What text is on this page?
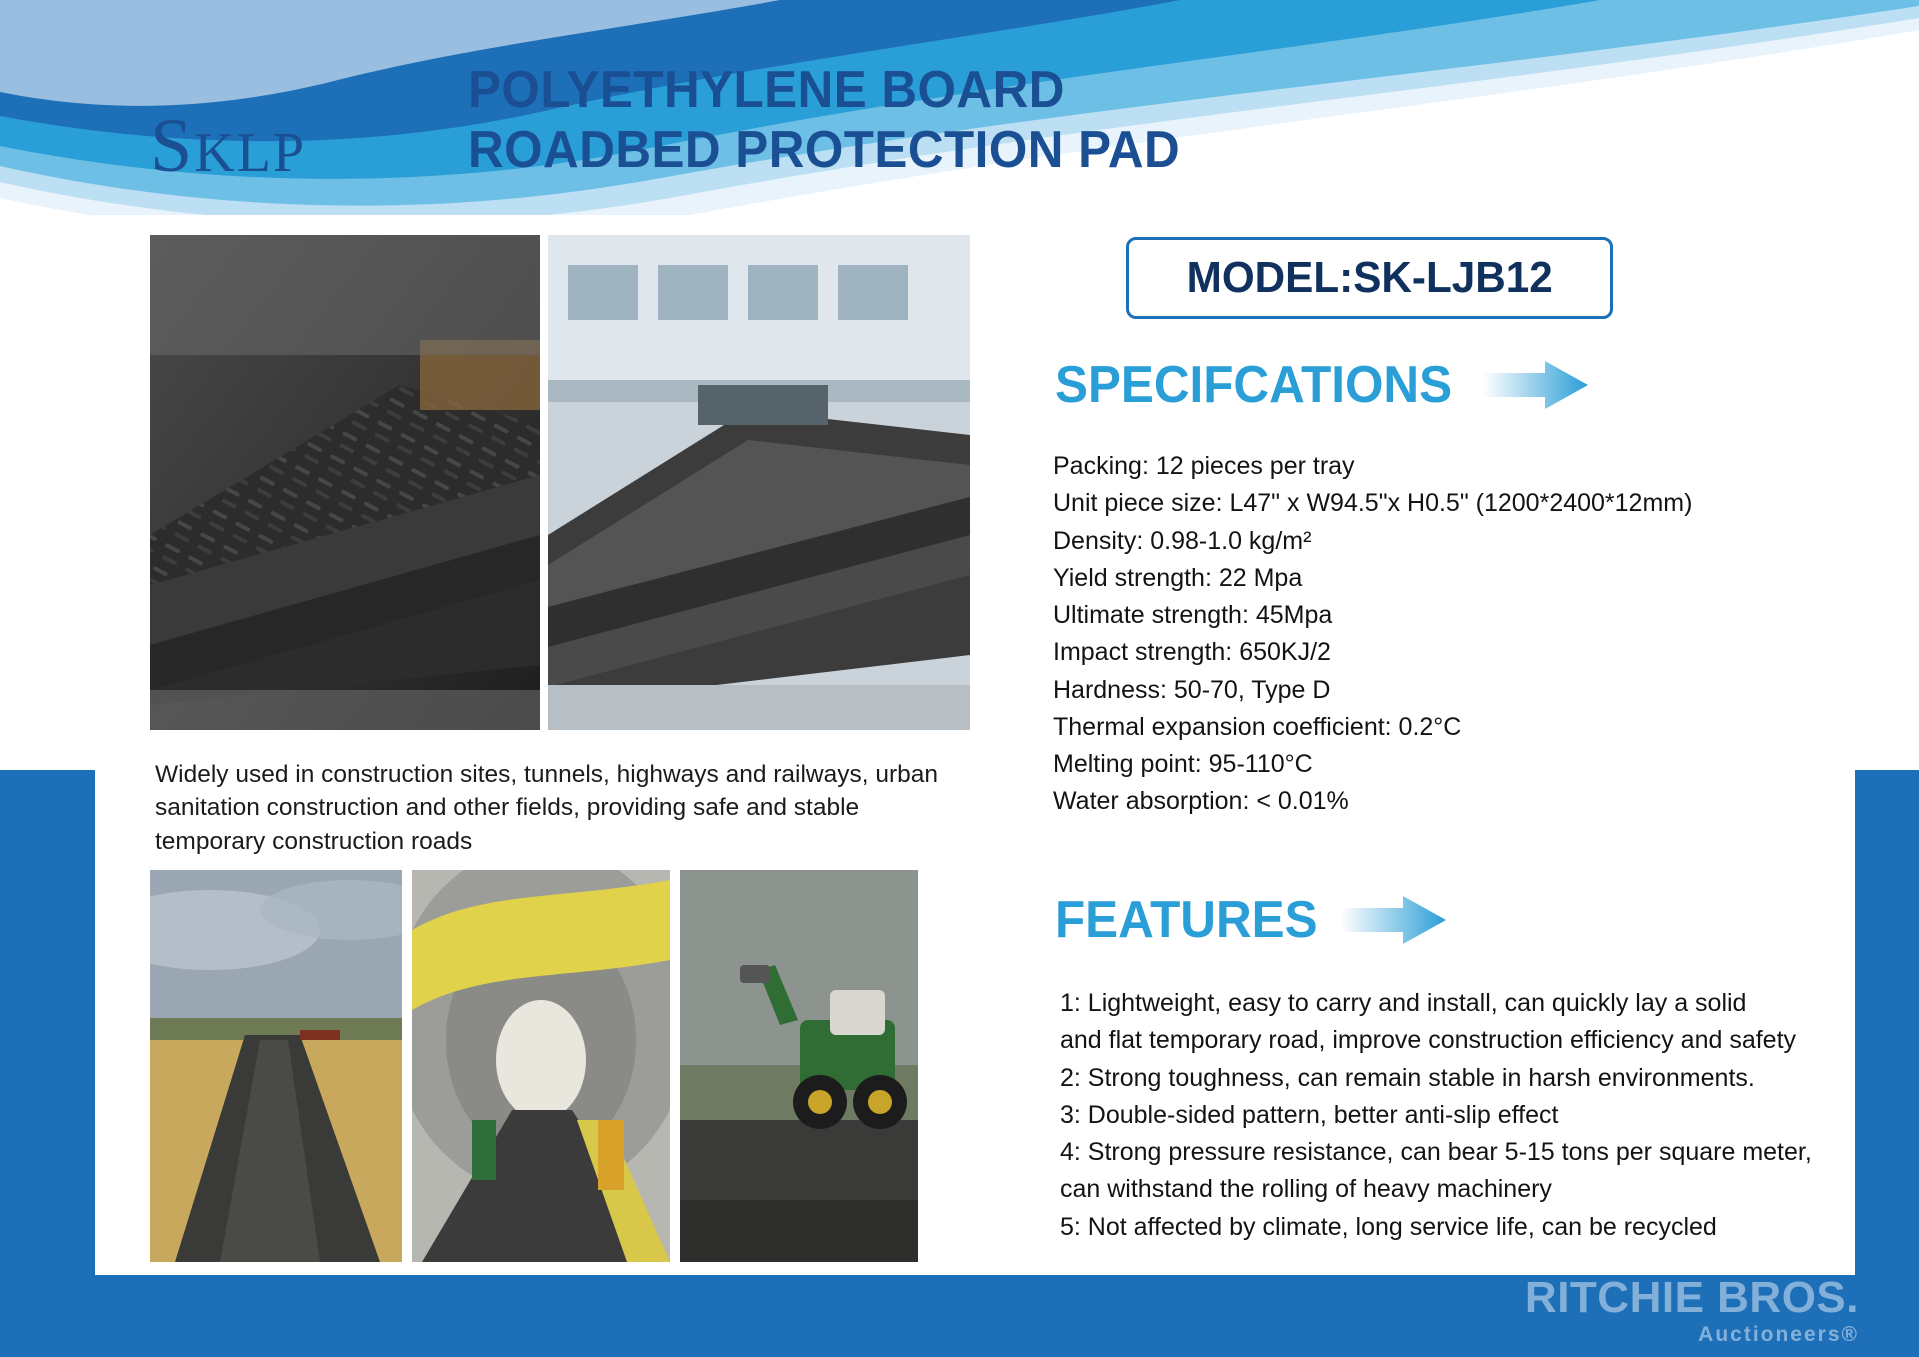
SKLP
POLYETHYLENE BOARD
ROADBED PROTECTION PAD
Widely used in construction sites, tunnels, highways and railways, urban sanitation construction and other fields, providing safe and stable temporary construction roads
MODEL:SK-LJB12
SPECIFCATIONS
Packing: 12 pieces per tray
Unit piece size: L47" x W94.5"x H0.5" (1200*2400*12mm)
Density: 0.98-1.0 kg/m²
Yield strength: 22 Mpa
Ultimate strength: 45Mpa
Impact strength: 650KJ/2
Hardness: 50-70, Type D
Thermal expansion coefficient: 0.2°C
Melting point: 95-110°C
Water absorption: < 0.01%
FEATURES
1: Lightweight, easy to carry and install, can quickly lay a solid
and flat temporary road, improve construction efficiency and safety
2: Strong toughness, can remain stable in harsh environments.
3: Double-sided pattern, better anti-slip effect
4: Strong pressure resistance, can bear 5-15 tons per square meter,
can withstand the rolling of heavy machinery
5: Not affected by climate, long service life, can be recycled
RITCHIE BROS.
Auctioneers®
